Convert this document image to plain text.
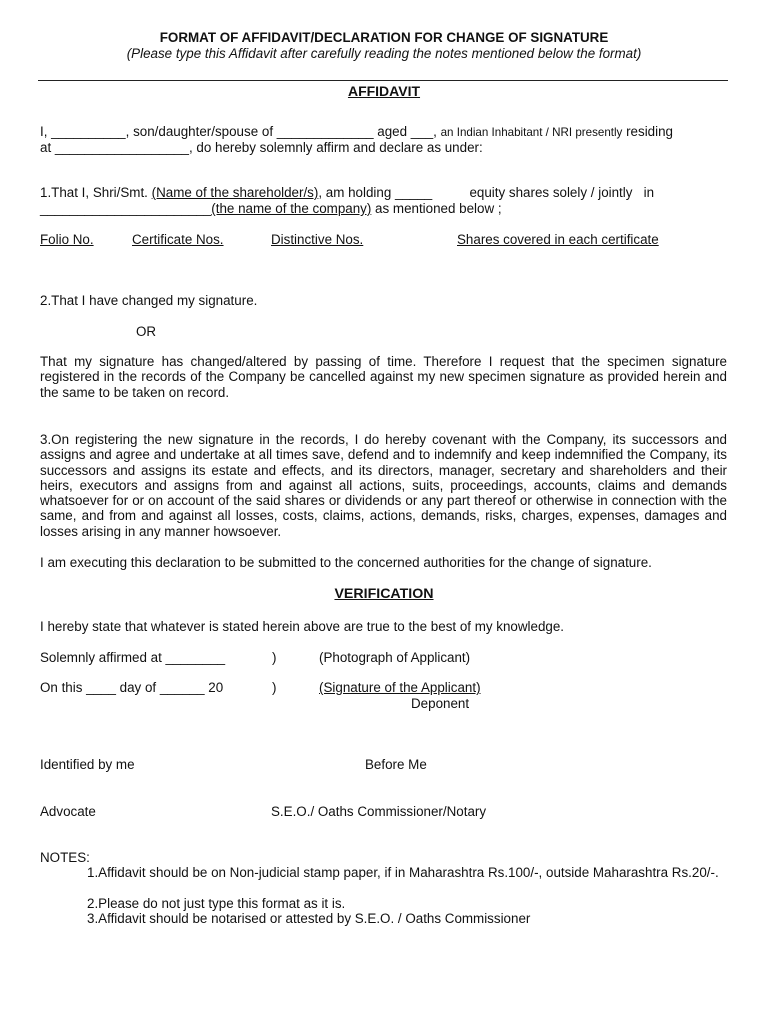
FORMAT OF AFFIDAVIT/DECLARATION FOR CHANGE OF SIGNATURE
(Please type this Affidavit after carefully reading the notes mentioned below the format)
AFFIDAVIT
I, __________, son/daughter/spouse of _____________ aged ___, an Indian Inhabitant / NRI presently residing
at __________________, do hereby solemnly affirm and declare as under:
1.That I, Shri/Smt. (Name of the shareholder/s), am holding _____          equity shares solely / jointly   in
_______________________(the name of the company) as mentioned below ;
Folio No.	Certificate Nos.	Distinctive Nos.	Shares covered in each certificate
2.That I have changed my signature.
OR
That my signature has changed/altered by passing of time. Therefore I request that the specimen signature registered in the records of the Company be cancelled against my new specimen signature as provided herein and the same to be taken on record.
3.On registering the new signature in the records, I do hereby covenant with the Company, its successors and assigns and agree and undertake at all times save, defend and to indemnify and keep indemnified the Company, its successors and assigns its estate and effects, and its directors, manager, secretary and shareholders and their heirs, executors and assigns from and against all actions, suits, proceedings, accounts, claims and demands whatsoever for or on account of the said shares or dividends or any part thereof or otherwise in connection with the same, and from and against all losses, costs, claims, actions, demands, risks, charges, expenses, damages and losses arising in any manner howsoever.
I am executing this declaration to be submitted to the concerned authorities for the change of signature.
VERIFICATION
I hereby state that whatever is stated herein above are true to the best of my knowledge.
Solemnly affirmed at ________	)	(Photograph of Applicant)
On this ____ day of ______ 20	)	(Signature of the Applicant)
Deponent
Identified by me	Before Me
Advocate	S.E.O./ Oaths Commissioner/Notary
NOTES:
1.Affidavit should be on Non-judicial stamp paper, if in Maharashtra Rs.100/-, outside Maharashtra Rs.20/-.
2.Please do not just type this format as it is.
3.Affidavit should be notarised or attested by S.E.O. / Oaths Commissioner
